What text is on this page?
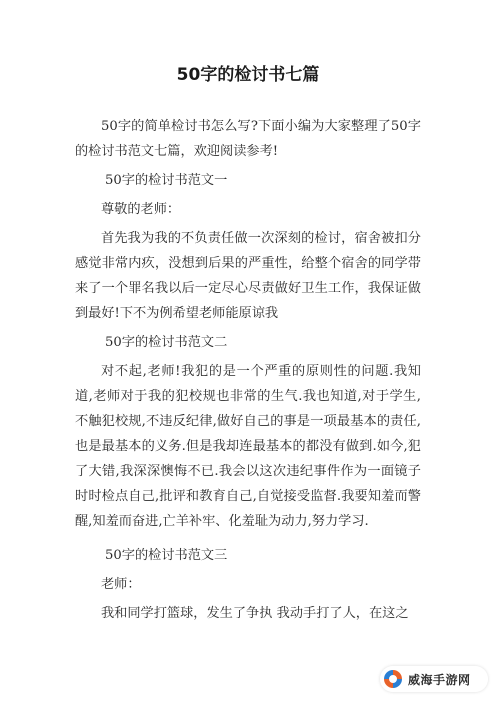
50字的检讨书七篇

50字的简单检讨书怎么写?下面小编为大家整理了50字的检讨书范文七篇，欢迎阅读参考!

50字的检讨书范文一

尊敬的老师：

首先我为我的不负责任做一次深刻的检讨，宿舍被扣分感觉非常内疚，没想到后果的严重性，给整个宿舍的同学带来了一个罪名我以后一定尽心尽责做好卫生工作，我保证做到最好!下不为例希望老师能原谅我

50字的检讨书范文二

对不起,老师!我犯的是一个严重的原则性的问题.我知道,老师对于我的犯校规也非常的生气.我也知道,对于学生,不触犯校规,不违反纪律,做好自己的事是一项最基本的责任,也是最基本的义务.但是我却连最基本的都没有做到.如今,犯了大错,我深深懊悔不已.我会以这次违纪事件作为一面镜子时时检点自己,批评和教育自己,自觉接受监督.我要知羞而警醒,知羞而奋进,亡羊补牢、化羞耻为动力,努力学习.

50字的检讨书范文三

老师：

我和同学打篮球，发生了争执 我动手打了人，在这之

威海手游网
